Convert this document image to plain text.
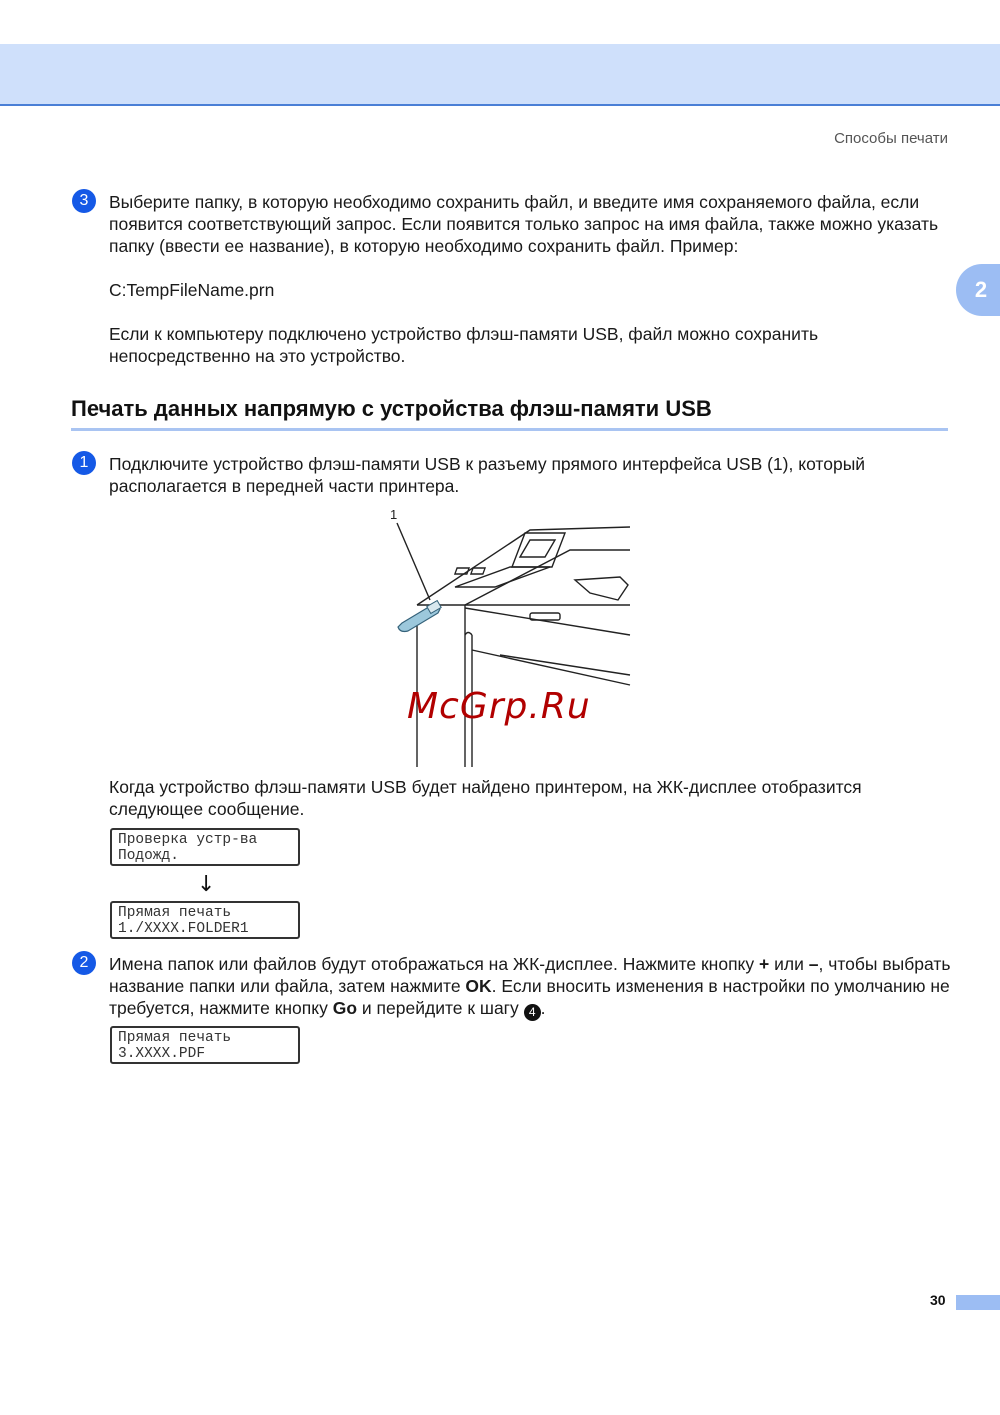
Способы печати
2
3	Выберите папку, в которую необходимо сохранить файл, и введите имя сохраняемого файла, если появится соответствующий запрос. Если появится только запрос на имя файла, также можно указать папку (ввести ее название), в которую необходимо сохранить файл. Пример:
C:TempFileName.prn
Если к компьютеру подключено устройство флэш-памяти USB, файл можно сохранить непосредственно на это устройство.
Печать данных напрямую с устройства флэш-памяти USB
1	Подключите устройство флэш-памяти USB к разъему прямого интерфейса USB (1), который располагается в передней части принтера.
1
McGrp.Ru
Когда устройство флэш-памяти USB будет найдено принтером, на ЖК-дисплее отобразится следующее сообщение.
Проверка устр-ва
Подожд.
↓
Прямая печать
1./XXXX.FOLDER1
2	Имена папок или файлов будут отображаться на ЖК-дисплее. Нажмите кнопку + или –, чтобы выбрать название папки или файла, затем нажмите OK. Если вносить изменения в настройки по умолчанию не требуется, нажмите кнопку Go и перейдите к шагу 4 .
Прямая печать
3.XXXX.PDF
30
